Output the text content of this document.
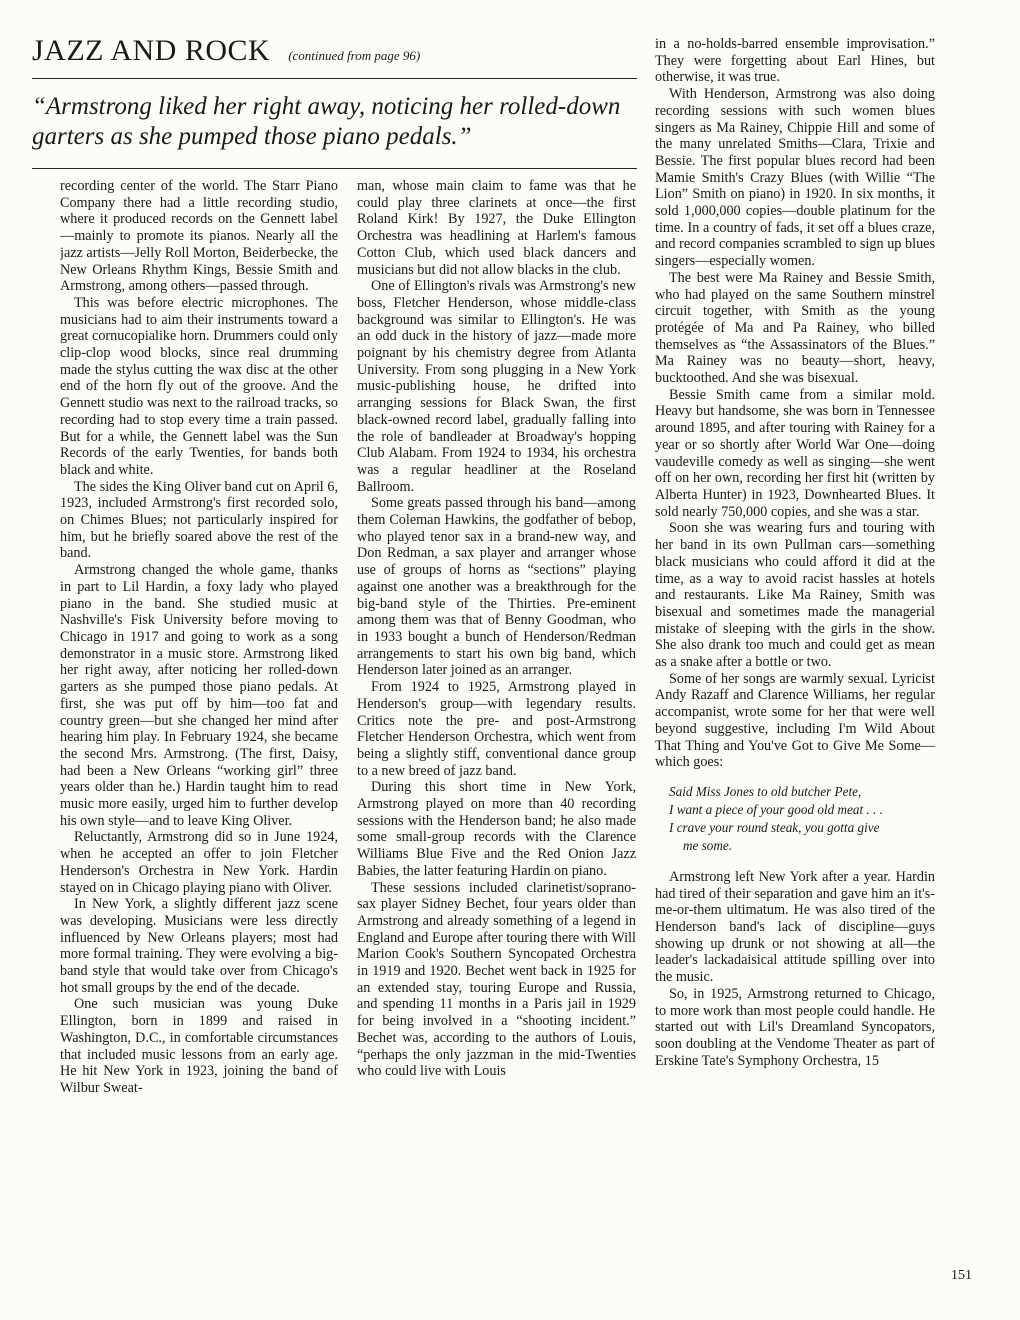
JAZZ AND ROCK (continued from page 96)
“Armstrong liked her right away, noticing her rolled-down garters as she pumped those piano pedals.”

recording center of the world. The Starr Piano Company there had a little recording studio, where it produced records on the Gennett label—mainly to promote its pianos. Nearly all the jazz artists—Jelly Roll Morton, Beiderbecke, the New Orleans Rhythm Kings, Bessie Smith and Armstrong, among others—passed through.

This was before electric microphones. The musicians had to aim their instruments toward a great cornucopialike horn. Drummers could only clip-clop wood blocks, since real drumming made the stylus cutting the wax disc at the other end of the horn fly out of the groove. And the Gennett studio was next to the railroad tracks, so recording had to stop every time a train passed. But for a while, the Gennett label was the Sun Records of the early Twenties, for bands both black and white.

The sides the King Oliver band cut on April 6, 1923, included Armstrong's first recorded solo, on Chimes Blues; not particularly inspired for him, but he briefly soared above the rest of the band.

Armstrong changed the whole game, thanks in part to Lil Hardin, a foxy lady who played piano in the band. She studied music at Nashville's Fisk University before moving to Chicago in 1917 and going to work as a song demonstrator in a music store. Armstrong liked her right away, after noticing her rolled-down garters as she pumped those piano pedals. At first, she was put off by him—too fat and country green—but she changed her mind after hearing him play. In February 1924, she became the second Mrs. Armstrong. (The first, Daisy, had been a New Orleans “working girl” three years older than he.) Hardin taught him to read music more easily, urged him to further develop his own style—and to leave King Oliver.

Reluctantly, Armstrong did so in June 1924, when he accepted an offer to join Fletcher Henderson's Orchestra in New York. Hardin stayed on in Chicago playing piano with Oliver.

In New York, a slightly different jazz scene was developing. Musicians were less directly influenced by New Orleans players; most had more formal training. They were evolving a big-band style that would take over from Chicago's hot small groups by the end of the decade.

One such musician was young Duke Ellington, born in 1899 and raised in Washington, D.C., in comfortable circumstances that included music lessons from an early age. He hit New York in 1923, joining the band of Wilbur Sweat-

man, whose main claim to fame was that he could play three clarinets at once—the first Roland Kirk! By 1927, the Duke Ellington Orchestra was headlining at Harlem's famous Cotton Club, which used black dancers and musicians but did not allow blacks in the club.

One of Ellington's rivals was Armstrong's new boss, Fletcher Henderson, whose middle-class background was similar to Ellington's. He was an odd duck in the history of jazz—made more poignant by his chemistry degree from Atlanta University. From song plugging in a New York music-publishing house, he drifted into arranging sessions for Black Swan, the first black-owned record label, gradually falling into the role of bandleader at Broadway's hopping Club Alabam. From 1924 to 1934, his orchestra was a regular headliner at the Roseland Ballroom.

Some greats passed through his band—among them Coleman Hawkins, the godfather of bebop, who played tenor sax in a brand-new way, and Don Redman, a sax player and arranger whose use of groups of horns as “sections” playing against one another was a breakthrough for the big-band style of the Thirties. Pre-eminent among them was that of Benny Goodman, who in 1933 bought a bunch of Henderson/Redman arrangements to start his own big band, which Henderson later joined as an arranger.

From 1924 to 1925, Armstrong played in Henderson's group—with legendary results. Critics note the pre- and post-Armstrong Fletcher Henderson Orchestra, which went from being a slightly stiff, conventional dance group to a new breed of jazz band.

During this short time in New York, Armstrong played on more than 40 recording sessions with the Henderson band; he also made some small-group records with the Clarence Williams Blue Five and the Red Onion Jazz Babies, the latter featuring Hardin on piano.

These sessions included clarinetist/soprano-sax player Sidney Bechet, four years older than Armstrong and already something of a legend in England and Europe after touring there with Will Marion Cook's Southern Syncopated Orchestra in 1919 and 1920. Bechet went back in 1925 for an extended stay, touring Europe and Russia, and spending 11 months in a Paris jail in 1929 for being involved in a “shooting incident.” Bechet was, according to the authors of Louis, “perhaps the only jazzman in the mid-Twenties who could live with Louis

in a no-holds-barred ensemble improvisation.” They were forgetting about Earl Hines, but otherwise, it was true.

With Henderson, Armstrong was also doing recording sessions with such women blues singers as Ma Rainey, Chippie Hill and some of the many unrelated Smiths—Clara, Trixie and Bessie. The first popular blues record had been Mamie Smith's Crazy Blues (with Willie “The Lion” Smith on piano) in 1920. In six months, it sold 1,000,000 copies—double platinum for the time. In a country of fads, it set off a blues craze, and record companies scrambled to sign up blues singers—especially women.

The best were Ma Rainey and Bessie Smith, who had played on the same Southern minstrel circuit together, with Smith as the young protégée of Ma and Pa Rainey, who billed themselves as “the Assassinators of the Blues.” Ma Rainey was no beauty—short, heavy, bucktoothed. And she was bisexual.

Bessie Smith came from a similar mold. Heavy but handsome, she was born in Tennessee around 1895, and after touring with Rainey for a year or so shortly after World War One—doing vaudeville comedy as well as singing—she went off on her own, recording her first hit (written by Alberta Hunter) in 1923, Downhearted Blues. It sold nearly 750,000 copies, and she was a star.

Soon she was wearing furs and touring with her band in its own Pullman cars—something black musicians who could afford it did at the time, as a way to avoid racist hassles at hotels and restaurants. Like Ma Rainey, Smith was bisexual and sometimes made the managerial mistake of sleeping with the girls in the show. She also drank too much and could get as mean as a snake after a bottle or two.

Some of her songs are warmly sexual. Lyricist Andy Razaff and Clarence Williams, her regular accompanist, wrote some for her that were well beyond suggestive, including I'm Wild About That Thing and You've Got to Give Me Some—which goes:

Said Miss Jones to old butcher Pete,
I want a piece of your good old meat . . .
I crave your round steak, you gotta give
me some.

Armstrong left New York after a year. Hardin had tired of their separation and gave him an it's-me-or-them ultimatum. He was also tired of the Henderson band's lack of discipline—guys showing up drunk or not showing at all—the leader's lackadaisical attitude spilling over into the music.

So, in 1925, Armstrong returned to Chicago, to more work than most people could handle. He started out with Lil's Dreamland Syncopators, soon doubling at the Vendome Theater as part of Erskine Tate's Symphony Orchestra, 15

151
